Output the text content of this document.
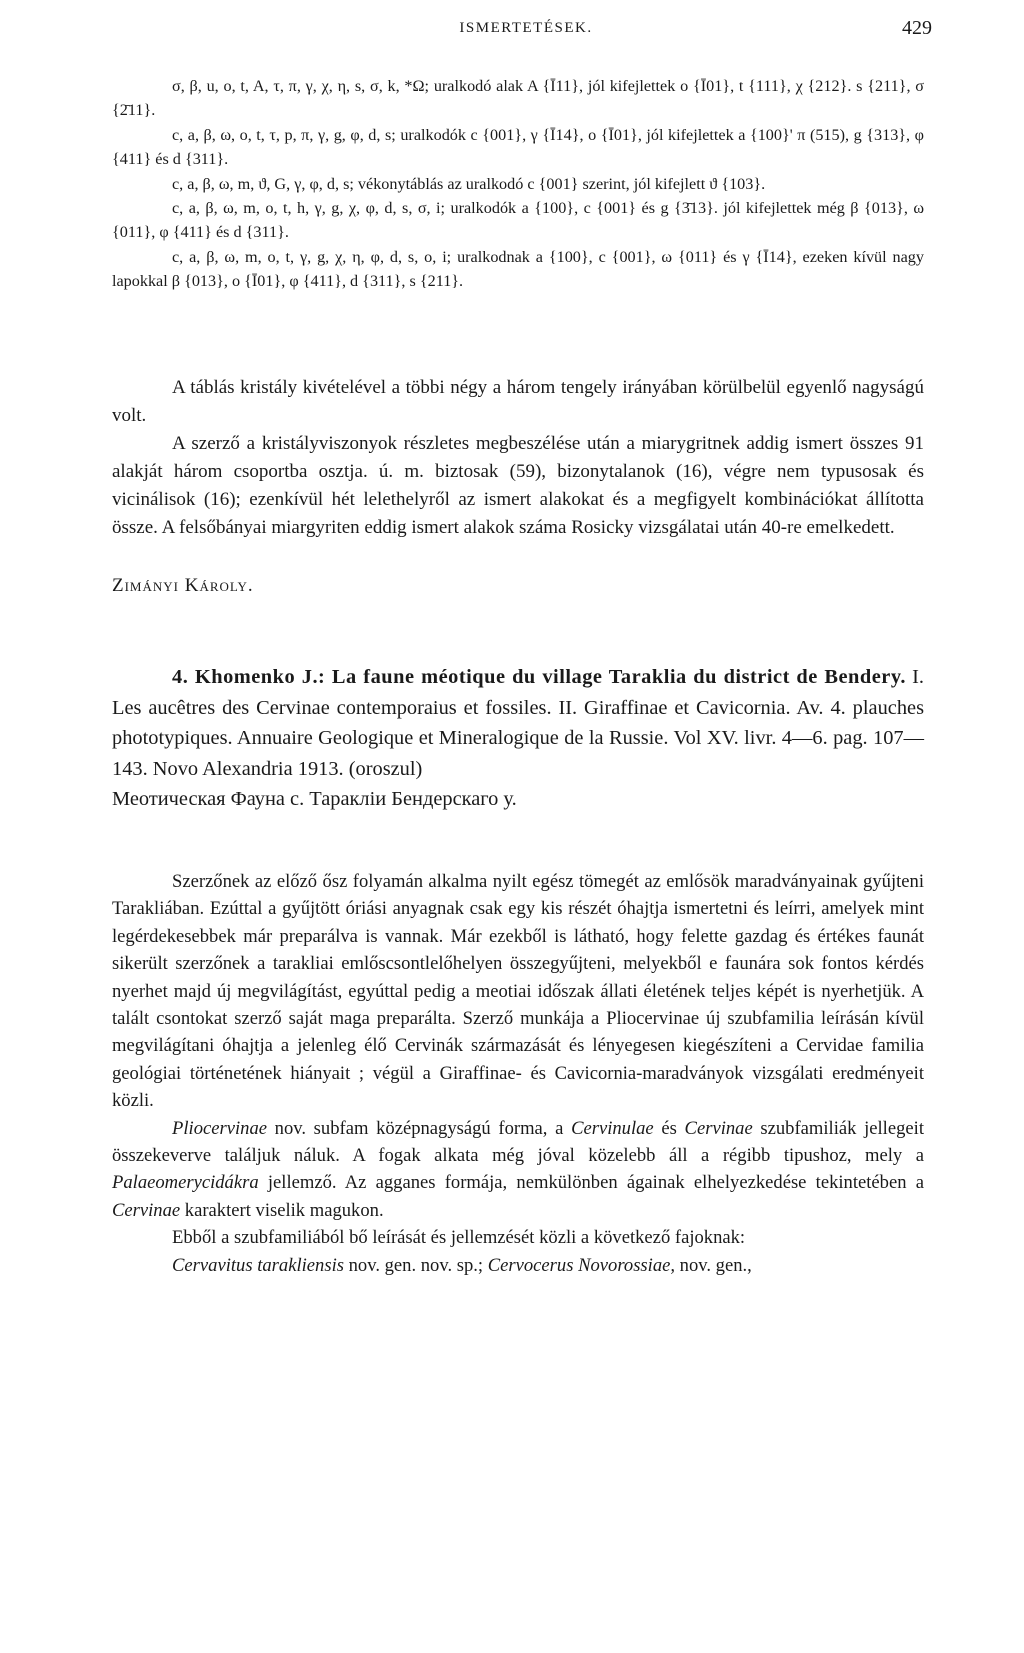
ISMERTETÉSEK.	429

σ, β, u, o, t, A, τ, π, γ, χ, η, s, σ, k, *Ω; uralkodó alak A {Ī11}, jól kifejlettek o {Ī01}, t {111}, χ {212}. s {211}, σ {2̄11}.

c, a, β, ω, o, t, τ, p, π, γ, g, φ, d, s; uralkodók c {001}, γ {Ī14}, o {Ī01}, jól kifejlettek a {100}' π (515), g {313}, φ {411} és d {311}.

c, a, β, ω, m, ϑ, G, γ, φ, d, s; vékonytáblás az uralkodó c {001} szerint, jól kifejlett ϑ {103}.

c, a, β, ω, m, o, t, h, γ, g, χ, φ, d, s, σ, i; uralkodók a {100}, c {001} és g {3̄13}. jól kifejlettek még β {013}, ω {011}, φ {411} és d {311}.

c, a, β, ω, m, o, t, γ, g, χ, η, φ, d, s, o, i; uralkodnak a {100}, c {001}, ω {011} és γ {Ī14}, ezeken kívül nagy lapokkal β {013}, o {Ī01}, φ {411}, d {311}, s {211}.

A táblás kristály kivételével a többi négy a három tengely irányában körülbelül egyenlő nagyságú volt.

A szerző a kristályviszonyok részletes megbeszélése után a miarygritnek addig ismert összes 91 alakját három csoportba osztja. ú. m. biztosak (59), bizonytalanok (16), végre nem typusosak és vicinálisok (16); ezenkívül hét lelethelyről az ismert alakokat és a megfigyelt kombinációkat állította össze. A felsőbányai miargyriten eddig ismert alakok száma Rosicky vizsgálatai után 40-re emelkedett.

Zimányi Károly.

4. Khomenko J.: La faune méotique du village Taraklia du district de Bendery. I. Les aucêtres des Cervinae contemporaius et fossiles. II. Giraffinae et Cavicornia. Av. 4. plauches phototypiques. Annuaire Geologique et Mineralogique de la Russie. Vol XV. livr. 4—6. pag. 107—143. Novo Alexandria 1913. (oroszul)

Меотическая Фауна с. Тараклiи Бендерскаго у.

Szerzőnek az előző ősz folyamán alkalma nyilt egész tömegét az emlősök maradványainak gyűjteni Tarakliában. Ezúttal a gyűjtött óriási anyagnak csak egy kis részét óhajtja ismertetni és leírri, amelyek mint legérdekesebbek már preparálva is vannak. Már ezekből is látható, hogy felette gazdag és értékes faunát sikerült szerzőnek a tarakliai emlőscsontlelőhelyen összegyűjteni, melyekből e faunára sok fontos kérdés nyerhet majd új megvilágítást, egyúttal pedig a meotiai időszak állati életének teljes képét is nyerhetjük. A talált csontokat szerző saját maga preparálta. Szerző munkája a Pliocervinae új szubfamilia leírásán kívül megvilágítani óhajtja a jelenleg élő Cervinák származását és lényegesen kiegészíteni a Cervidae familia geológiai történetének hiányait ; végül a Giraffinae- és Cavicornia-maradványok vizsgálati eredményeit közli.

Pliocervinae nov. subfam középnagyságú forma, a Cervinulae és Cervinae szubfamiliák jellegeit összekeverve találjuk náluk. A fogak alkata még jóval közelebb áll a régibb tipushoz, mely a Palaeomerycidákra jellemző. Az agganes formája, nemkülönben ágainak elhelyezkedése tekintetében a Cervinae karaktert viselik magukon.

Ebből a szubfamiliából bő leírását és jellemzését közli a következő fajoknak:

Cervavitus tarakliensis nov. gen. nov. sp.; Cervocerus Novorossiae, nov. gen.,
